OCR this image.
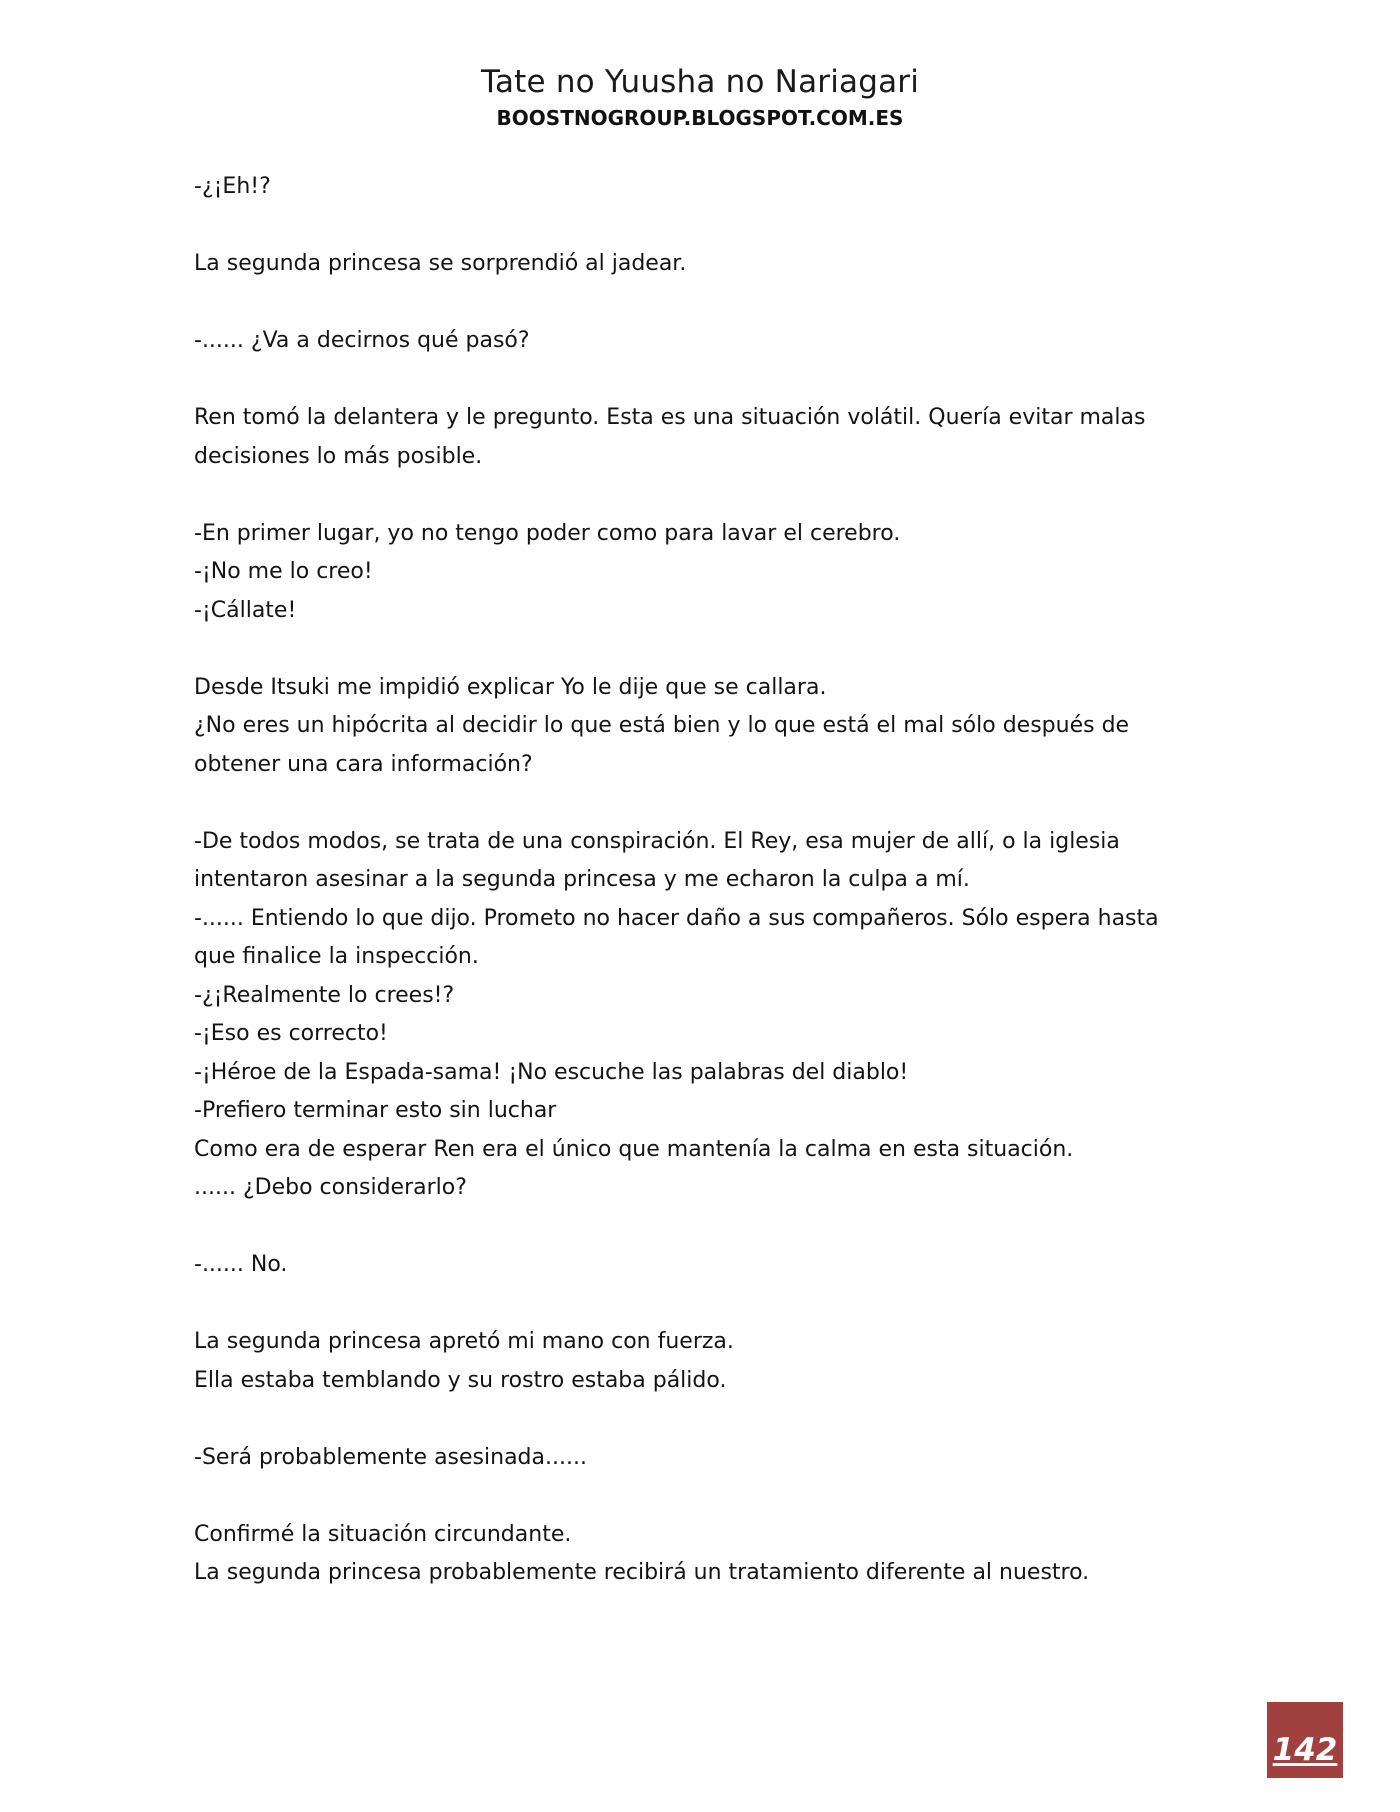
Tate no Yuusha no Nariagari
BOOSTNOGROUP.BLOGSPOT.COM.ES
-¿¡Eh!?
La segunda princesa se sorprendió al jadear.
-...... ¿Va a decirnos qué pasó?
Ren tomó la delantera y le pregunto. Esta es una situación volátil. Quería evitar malas
decisiones lo más posible.
-En primer lugar, yo no tengo poder como para lavar el cerebro.
-¡No me lo creo!
-¡Cállate!
Desde Itsuki me impidió explicar Yo le dije que se callara.
¿No eres un hipócrita al decidir lo que está bien y lo que está el mal sólo después de
obtener una cara información?
-De todos modos, se trata de una conspiración. El Rey, esa mujer de allí, o la iglesia
intentaron asesinar a la segunda princesa y me echaron la culpa a mí.
-...... Entiendo lo que dijo. Prometo no hacer daño a sus compañeros. Sólo espera hasta
que finalice la inspección.
-¿¡Realmente lo crees!?
-¡Eso es correcto!
-¡Héroe de la Espada-sama! ¡No escuche las palabras del diablo!
-Prefiero terminar esto sin luchar
Como era de esperar Ren era el único que mantenía la calma en esta situación.
...... ¿Debo considerarlo?
-...... No.
La segunda princesa apretó mi mano con fuerza.
Ella estaba temblando y su rostro estaba pálido.
-Será probablemente asesinada......
Confirmé la situación circundante.
La segunda princesa probablemente recibirá un tratamiento diferente al nuestro.
142
